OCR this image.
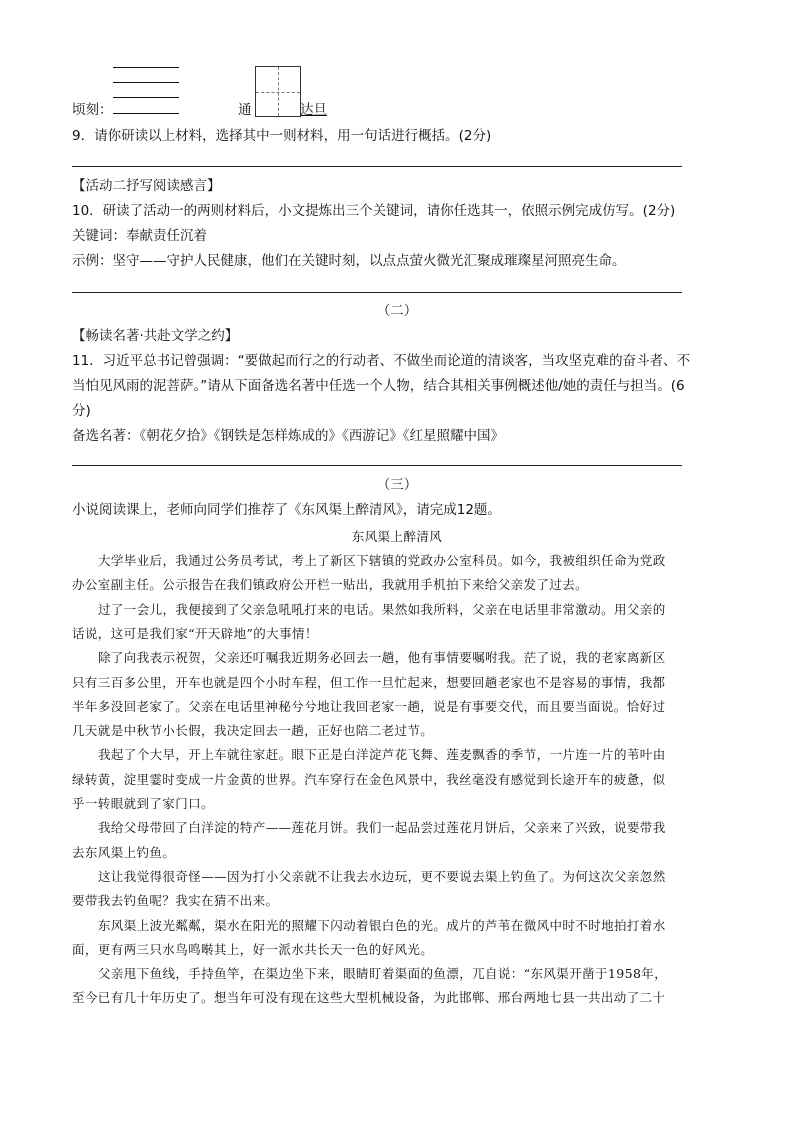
顷刻：	通	达旦
9．请你研读以上材料，选择其中一则材料，用一句话进行概括。(2分)
【活动二抒写阅读感言】
10．研读了活动一的两则材料后，小文提炼出三个关键词，请你任选其一，依照示例完成仿写。(2分)
关键词：奉献责任沉着
示例：坚守——守护人民健康，他们在关键时刻，以点点萤火微光汇聚成璀璨星河照亮生命。
（二）
【畅读名著·共赴文学之约】
11．习近平总书记曾强调：“要做起而行之的行动者、不做坐而论道的清谈客，当攻坚克难的奋斗者、不
当怕见风雨的泥菩萨。”请从下面备选名著中任选一个人物，结合其相关事例概述他/她的责任与担当。(6
分)
备选名著：《朝花夕拾》《钢铁是怎样炼成的》《西游记》《红星照耀中国》
（三）
小说阅读课上，老师向同学们推荐了《东风渠上醉清风》，请完成12题。
东风渠上醉清风
大学毕业后，我通过公务员考试，考上了新区下辖镇的党政办公室科员。如今，我被组织任命为党政
办公室副主任。公示报告在我们镇政府公开栏一贴出，我就用手机拍下来给父亲发了过去。
过了一会儿，我便接到了父亲急吼吼打来的电话。果然如我所料，父亲在电话里非常激动。用父亲的
话说，这可是我们家“开天辟地”的大事情！
除了向我表示祝贺，父亲还叮嘱我近期务必回去一趟，他有事情要嘱咐我。茫了说，我的老家离新区
只有三百多公里，开车也就是四个小时车程，但工作一旦忙起来，想要回趟老家也不是容易的事情，我都
半年多没回老家了。父亲在电话里神秘兮兮地让我回老家一趟，说是有事要交代，而且要当面说。恰好过
几天就是中秋节小长假，我决定回去一趟，正好也陪二老过节。
我起了个大早，开上车就往家赶。眼下正是白洋淀芦花飞舞、莲麦飘香的季节，一片连一片的苇叶由
绿转黄，淀里霎时变成一片金黄的世界。汽车穿行在金色风景中，我丝毫没有感觉到长途开车的疲惫，似
乎一转眼就到了家门口。
我给父母带回了白洋淀的特产——莲花月饼。我们一起品尝过莲花月饼后，父亲来了兴致，说要带我
去东风渠上钓鱼。
这让我觉得很奇怪——因为打小父亲就不让我去水边玩，更不要说去渠上钓鱼了。为何这次父亲忽然
要带我去钓鱼呢？我实在猜不出来。
东风渠上波光粼粼，渠水在阳光的照耀下闪动着银白色的光。成片的芦苇在微风中时不时地拍打着水
面，更有两三只水鸟鸣啭其上，好一派水共长天一色的好风光。
父亲甩下鱼线，手持鱼竿，在渠边坐下来，眼睛盯着渠面的鱼漂，兀自说：“东风渠开凿于1958年，
至今已有几十年历史了。想当年可没有现在这些大型机械设备，为此邯郸、邢台两地七县一共出动了二十
